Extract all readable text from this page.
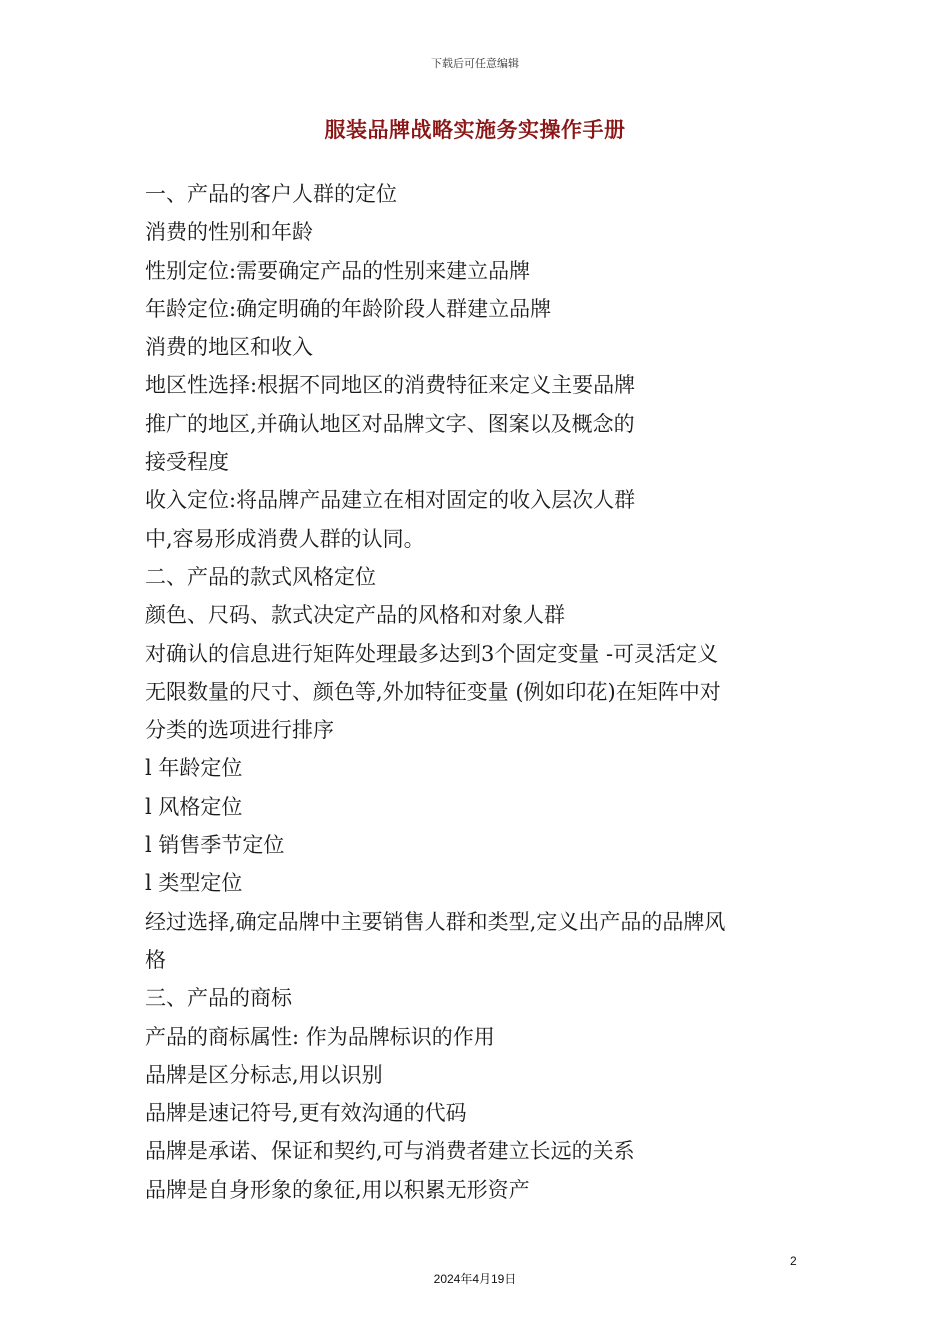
下载后可任意编辑
服装品牌战略实施务实操作手册
一、产品的客户人群的定位
消费的性别和年龄
性别定位:需要确定产品的性别来建立品牌
年龄定位:确定明确的年龄阶段人群建立品牌
消费的地区和收入
地区性选择:根据不同地区的消费特征来定义主要品牌
推广的地区,并确认地区对品牌文字、图案以及概念的
接受程度
收入定位:将品牌产品建立在相对固定的收入层次人群
中,容易形成消费人群的认同。
二、产品的款式风格定位
颜色、尺码、款式决定产品的风格和对象人群
对确认的信息进行矩阵处理最多达到3个固定变量 -可灵活定义
无限数量的尺寸、颜色等,外加特征变量 (例如印花)在矩阵中对
分类的选项进行排序
l 年龄定位
l 风格定位
l 销售季节定位
l 类型定位
经过选择,确定品牌中主要销售人群和类型,定义出产品的品牌风
格
三、产品的商标
产品的商标属性: 作为品牌标识的作用
品牌是区分标志,用以识别
品牌是速记符号,更有效沟通的代码
品牌是承诺、保证和契约,可与消费者建立长远的关系
品牌是自身形象的象征,用以积累无形资产
2
2024年4月19日
